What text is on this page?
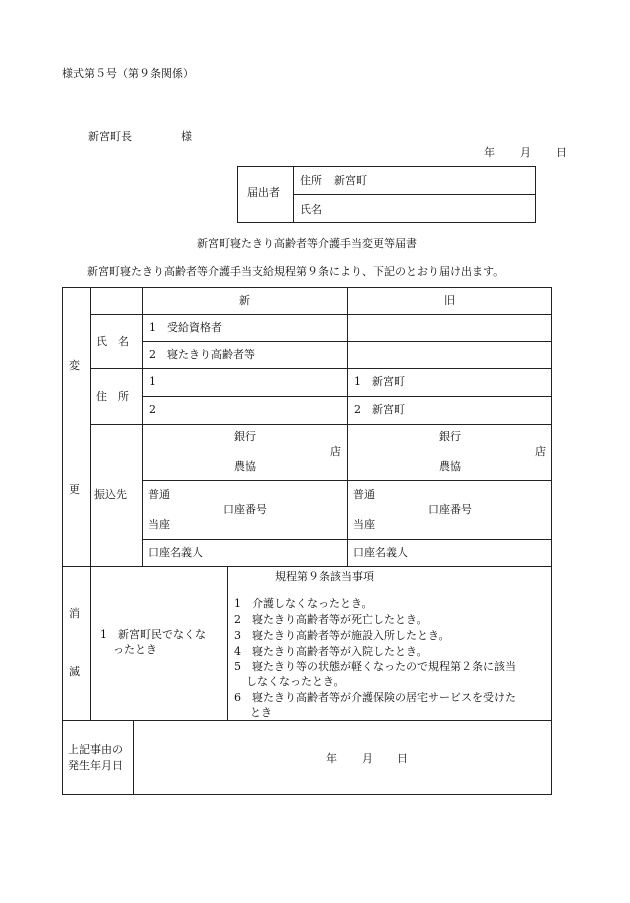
様式第５号（第９条関係）
新宮町長	様
年 月 日
届出者
住所 新宮町
氏名
新宮町寝たきり高齢者等介護手当変更等届書
新宮町寝たきり高齢者等介護手当支給規程第９条により、下記のとおり届け出ます。
変
更
新	旧
氏　名
1　受給資格者
2　寝たきり高齢者等
住　所
1
2
1　新宮町
2　新宮町
振込先
銀行
店
農協
普通
口座番号
当座
口座名義人
銀行
店
農協
普通
口座番号
当座
口座名義人
消
滅
1　新宮町民でなくな
ったとき
規程第９条該当事項
1　介護しなくなったとき。
2　寝たきり高齢者等が死亡したとき。
3　寝たきり高齢者等が施設入所したとき。
4　寝たきり高齢者等が入院したとき。
5　寝たきり等の状態が軽くなったので規程第２条に該当
しなくなったとき。
6　寝たきり高齢者等が介護保険の居宅サービスを受けた
とき
上記事由の
発生年月日
年 月 日
